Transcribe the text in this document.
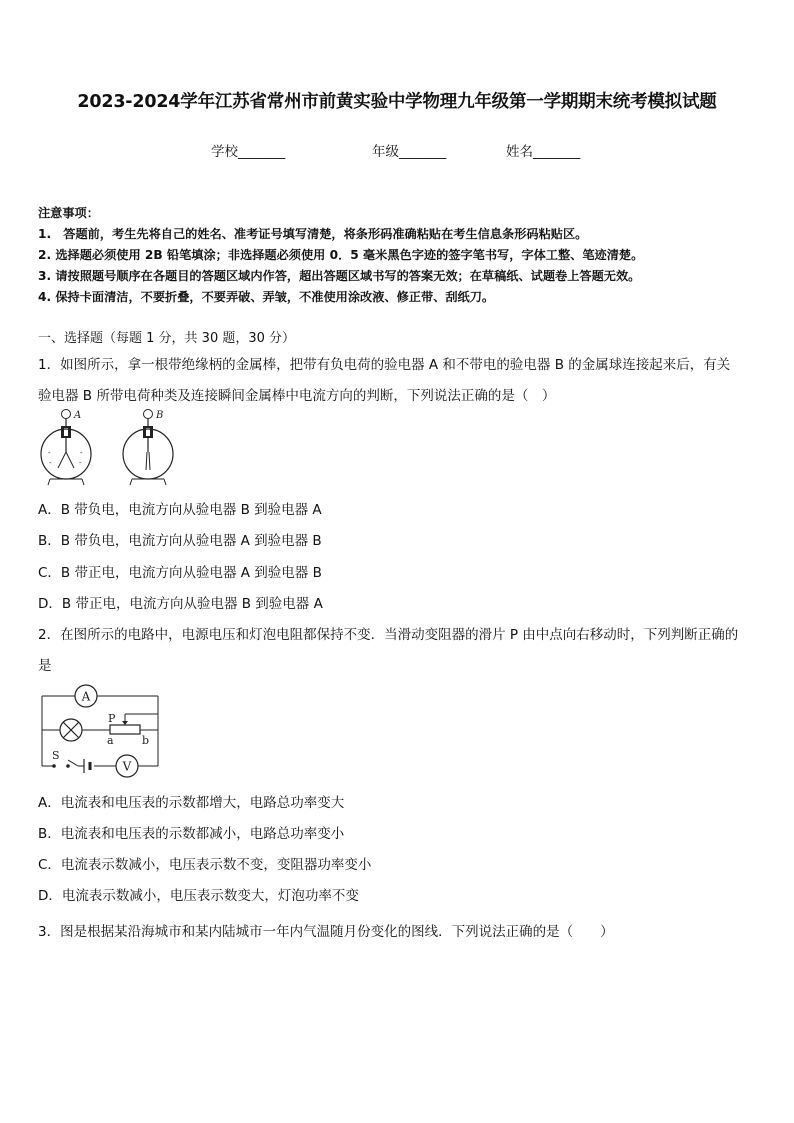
2023-2024学年江苏省常州市前黄实验中学物理九年级第一学期期末统考模拟试题
学校_______	年级_______	姓名_______
注意事项：
1.　答题前，考生先将自己的姓名、准考证号填写清楚，将条形码准确粘贴在考生信息条形码粘贴区。
2. 选择题必须使用 2B 铅笔填涂；非选择题必须使用 0．5 毫米黑色字迹的签字笔书写，字体工整、笔迹清楚。
3. 请按照题号顺序在各题目的答题区域内作答，超出答题区域书写的答案无效；在草稿纸、试题卷上答题无效。
4. 保持卡面清洁，不要折叠，不要弄破、弄皱，不准使用涂改液、修正带、刮纸刀。
一、选择题（每题 1 分，共 30 题，30 分）
1．如图所示，拿一根带绝缘柄的金属棒，把带有负电荷的验电器 A 和不带电的验电器 B 的金属球连接起来后，有关
验电器 B 所带电荷种类及连接瞬间金属棒中电流方向的判断，下列说法正确的是（　）
-
-
-
-
A	B
A．B 带负电，电流方向从验电器 B 到验电器 A
B．B 带负电，电流方向从验电器 A 到验电器 B
C．B 带正电，电流方向从验电器 A 到验电器 B
D．B 带正电，电流方向从验电器 B 到验电器 A
2．在图所示的电路中，电源电压和灯泡电阻都保持不变．当滑动变阻器的滑片 P 由中点向右移动时，下列判断正确的
是
A
V
P
a	b
S
A．电流表和电压表的示数都增大，电路总功率变大
B．电流表和电压表的示数都减小，电路总功率变小
C．电流表示数减小，电压表示数不变，变阻器功率变小
D．电流表示数减小，电压表示数变大，灯泡功率不变
3．图是根据某沿海城市和某内陆城市一年内气温随月份变化的图线．下列说法正确的是（　　）
